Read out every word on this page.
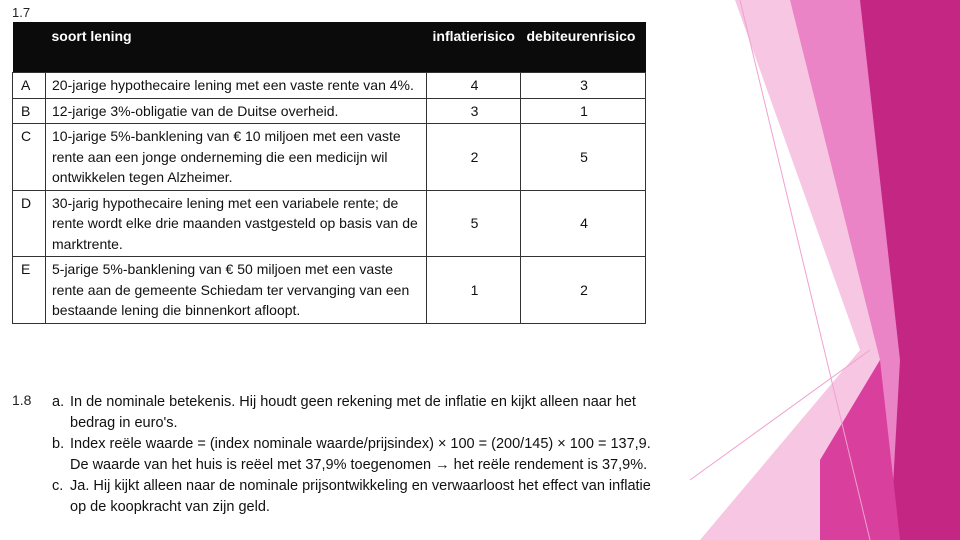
1.7
	soort lening	inflatierisico	debiteurenrisico
A	20-jarige hypothecaire lening met een vaste rente van 4%.	4	3
B	12-jarige 3%-obligatie van de Duitse overheid.	3	1
C	10-jarige 5%-banklening van € 10 miljoen met een vaste rente aan een jonge onderneming die een medicijn wil ontwikkelen tegen Alzheimer.	2	5
D	30-jarig hypothecaire lening met een variabele rente; de rente wordt elke drie maanden vastgesteld op basis van de marktrente.	5	4
E	5-jarige 5%-banklening van € 50 miljoen met een vaste rente aan de gemeente Schiedam ter vervanging van een bestaande lening die binnenkort afloopt.	1	2
1.8 a. In de nominale betekenis. Hij houdt geen rekening met de inflatie en kijkt alleen naar het bedrag in euro's.
b. Index reële waarde = (index nominale waarde/prijsindex) × 100 = (200/145) × 100 = 137,9. De waarde van het huis is reëel met 37,9% toegenomen → het reële rendement is 37,9%.
c. Ja. Hij kijkt alleen naar de nominale prijsontwikkeling en verwaarloost het effect van inflatie op de koopkracht van zijn geld.
